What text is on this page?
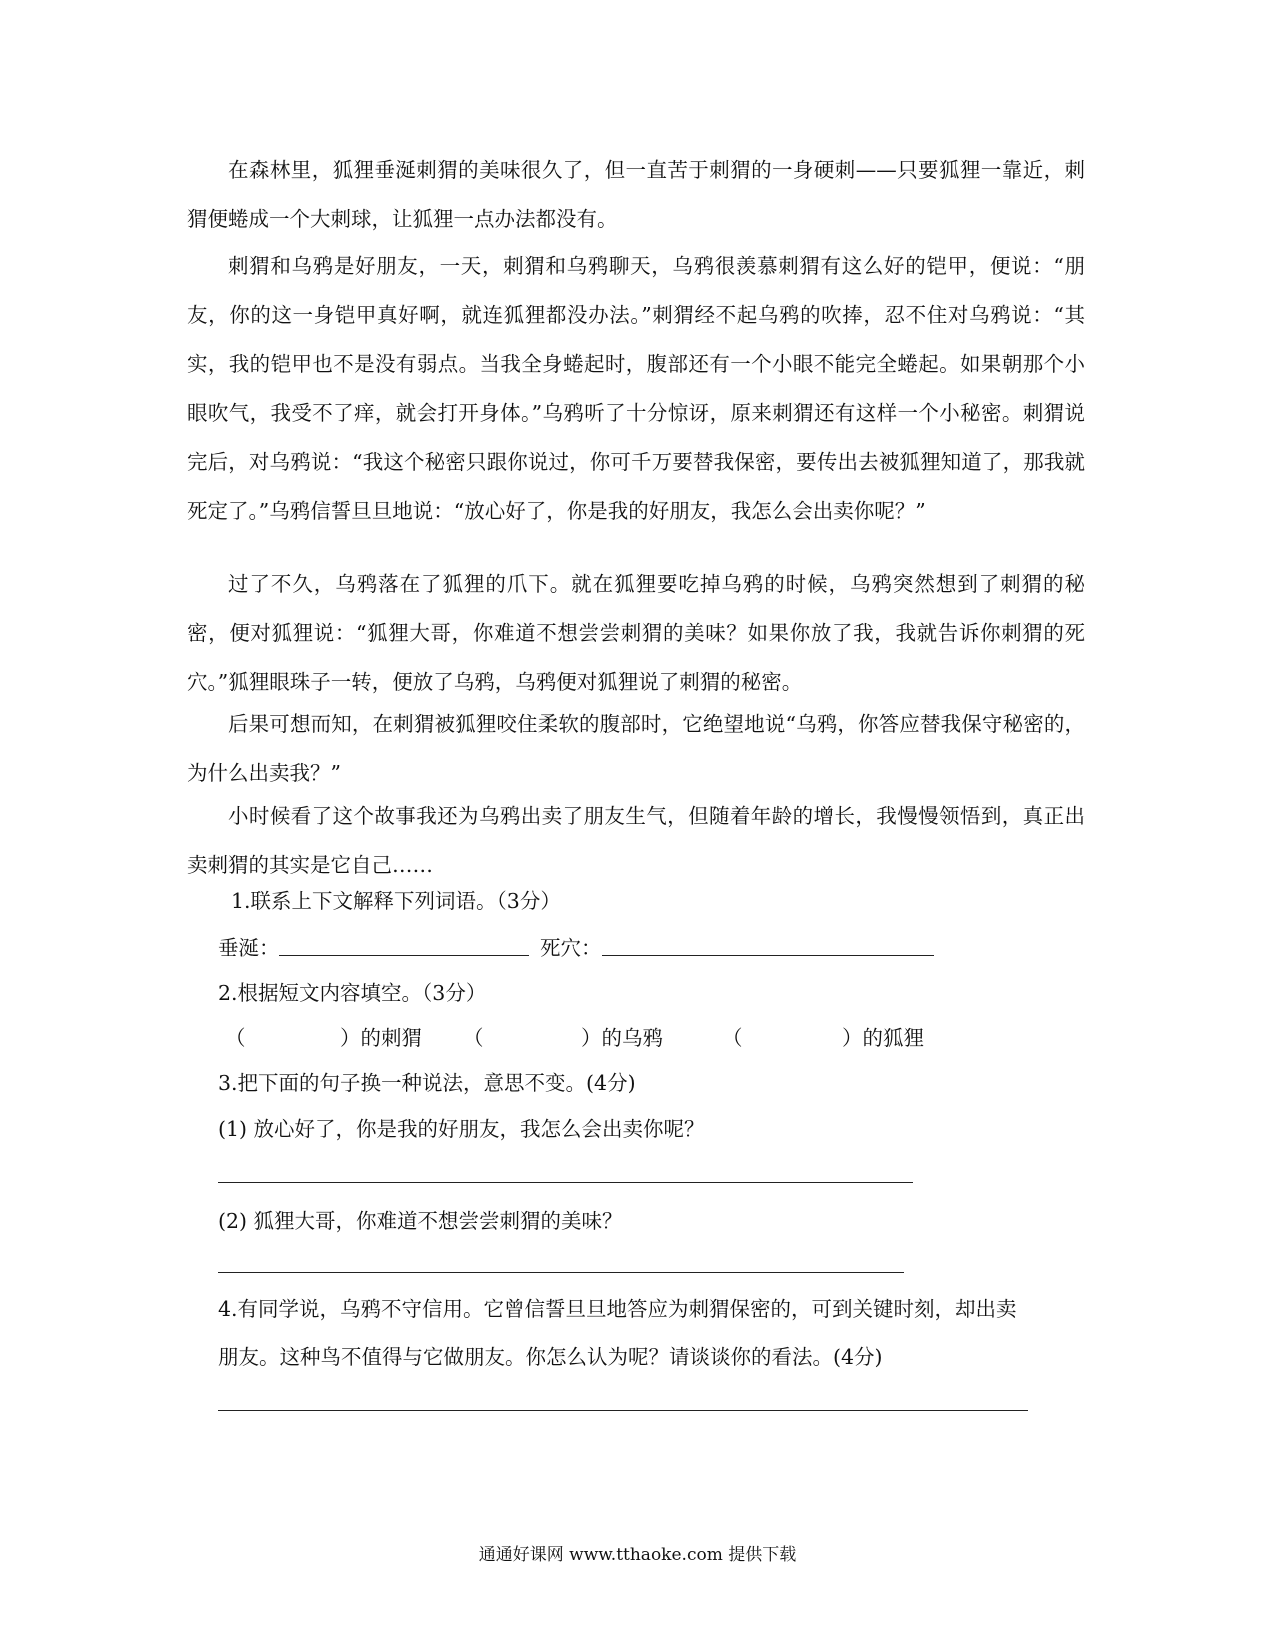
在森林里，狐狸垂涎刺猬的美味很久了，但一直苦于刺猬的一身硬刺——只要狐狸一靠近，刺猬便蜷成一个大刺球，让狐狸一点办法都没有。

刺猬和乌鸦是好朋友，一天，刺猬和乌鸦聊天，乌鸦很羡慕刺猬有这么好的铠甲，便说：“朋友，你的这一身铠甲真好啊，就连狐狸都没办法。”刺猬经不起乌鸦的吹捧，忍不住对乌鸦说：“其实，我的铠甲也不是没有弱点。当我全身蜷起时，腹部还有一个小眼不能完全蜷起。如果朝那个小眼吹气，我受不了痒，就会打开身体。”乌鸦听了十分惊讶，原来刺猬还有这样一个小秘密。刺猬说完后，对乌鸦说：“我这个秘密只跟你说过，你可千万要替我保密，要传出去被狐狸知道了，那我就死定了。”乌鸦信誓旦旦地说：“放心好了，你是我的好朋友，我怎么会出卖你呢？”

过了不久，乌鸦落在了狐狸的爪下。就在狐狸要吃掉乌鸦的时候，乌鸦突然想到了刺猬的秘密，便对狐狸说：“狐狸大哥，你难道不想尝尝刺猬的美味？如果你放了我，我就告诉你刺猬的死穴。”狐狸眼珠子一转，便放了乌鸦，乌鸦便对狐狸说了刺猬的秘密。

后果可想而知，在刺猬被狐狸咬住柔软的腹部时，它绝望地说“乌鸦，你答应替我保守秘密的，为什么出卖我？”

小时候看了这个故事我还为乌鸦出卖了朋友生气，但随着年龄的增长，我慢慢领悟到，真正出卖刺猬的其实是它自己……

1.联系上下文解释下列词语。（3分）
垂涎：	死穴：
2.根据短文内容填空。（3分）
（	）的刺猬 （	）的乌鸦	（	）的狐狸
3.把下面的句子换一种说法，意思不变。(4分)
(1) 放心好了，你是我的好朋友，我怎么会出卖你呢？
(2) 狐狸大哥，你难道不想尝尝刺猬的美味？
4.有同学说，乌鸦不守信用。它曾信誓旦旦地答应为刺猬保密的，可到关键时刻，却出卖
朋友。这种鸟不值得与它做朋友。你怎么认为呢？请谈谈你的看法。(4分)
通通好课网 www.tthaoke.com 提供下载
